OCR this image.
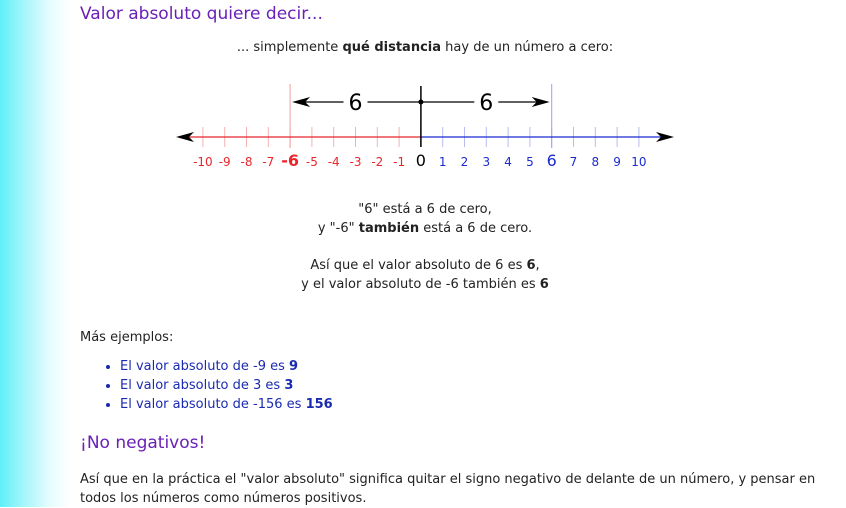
Valor absoluto quiere decir...
... simplemente qué distancia hay de un número a cero:
6	6
-10 -9 -8 -7 -6 -5 -4 -3 -2 -1 0 1 2 3 4 5 6 7 8 9 10
"6" está a 6 de cero,
y "-6" también está a 6 de cero.
Así que el valor absoluto de 6 es 6,
y el valor absoluto de -6 también es 6
Más ejemplos:
• El valor absoluto de -9 es 9
• El valor absoluto de 3 es 3
• El valor absoluto de -156 es 156
¡No negativos!
Así que en la práctica el "valor absoluto" significa quitar el signo negativo de delante de un número, y pensar en todos los números como números positivos.
